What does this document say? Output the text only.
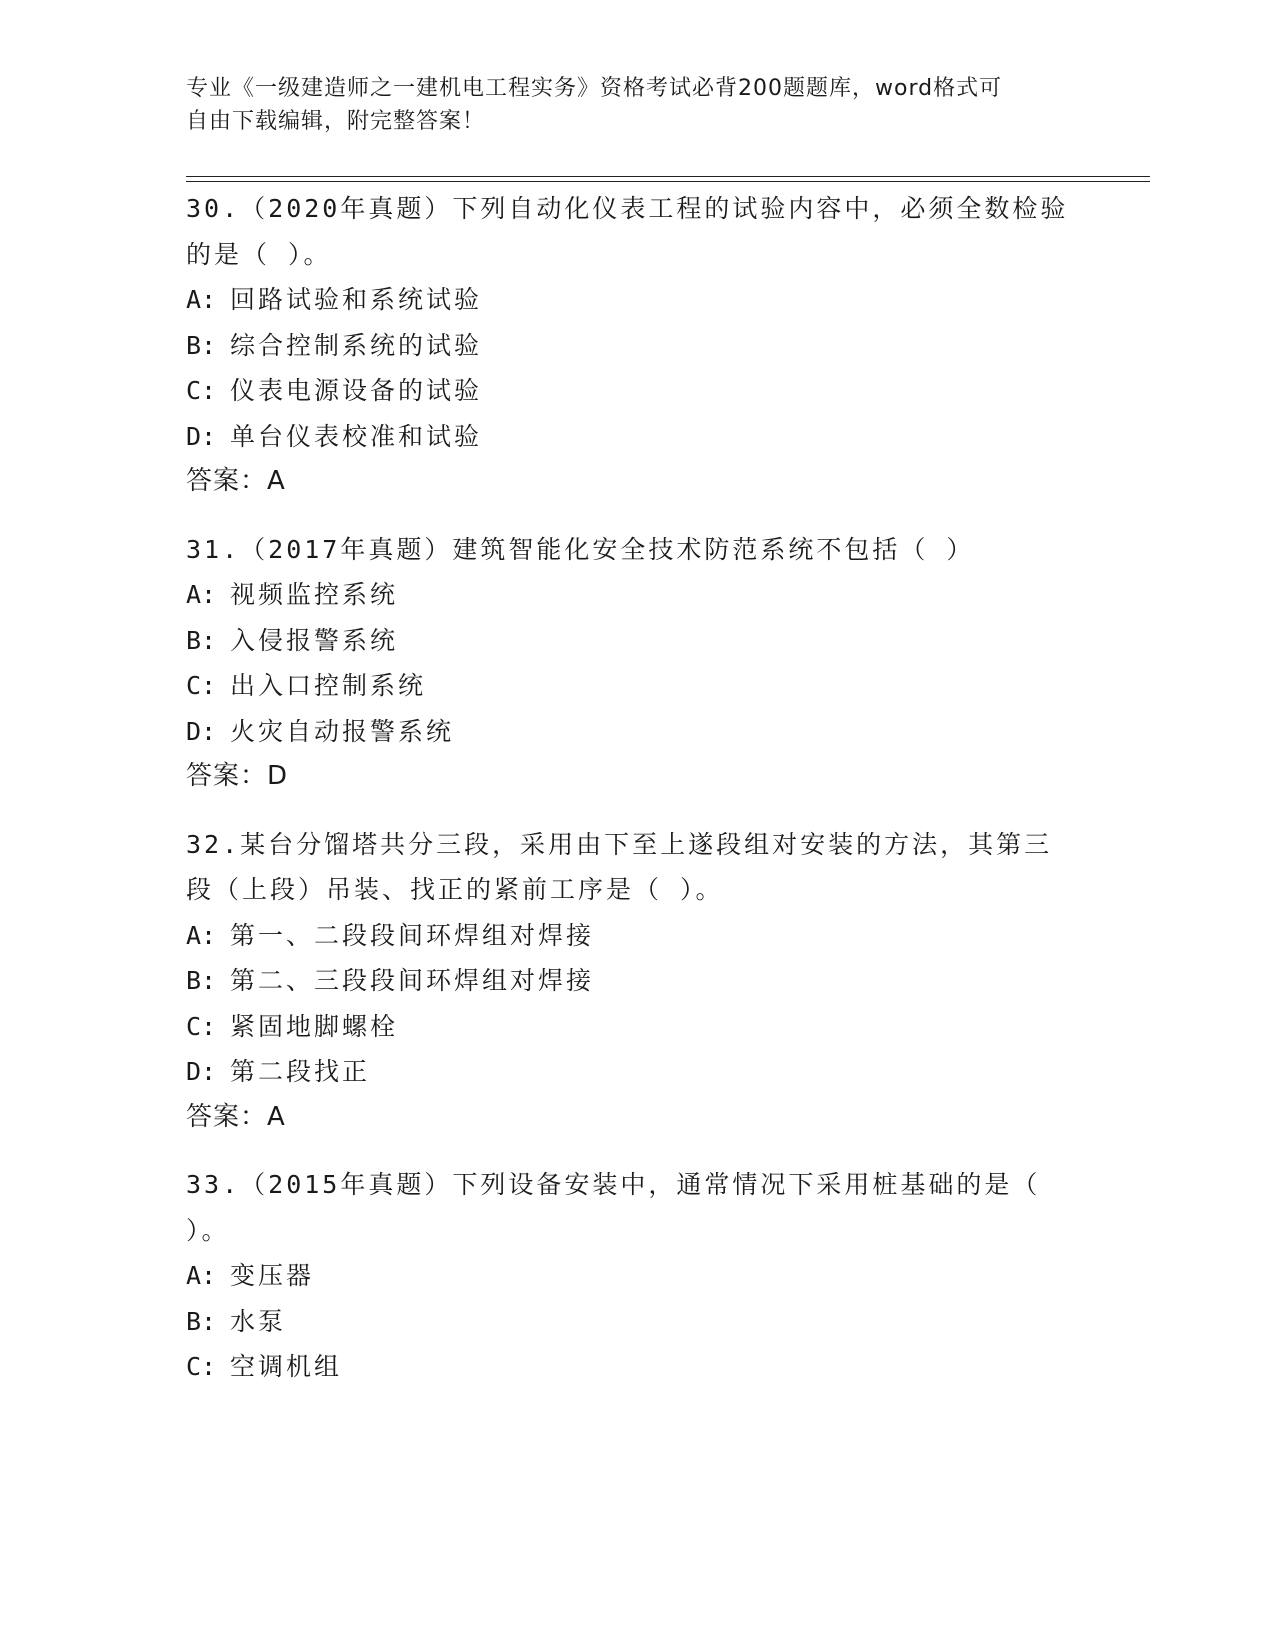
专业《一级建造师之一建机电工程实务》资格考试必背200题题库，word格式可
自由下载编辑，附完整答案！
30.（2020年真题）下列自动化仪表工程的试验内容中，必须全数检验
的是（ ）。
A: 回路试验和系统试验
B: 综合控制系统的试验
C: 仪表电源设备的试验
D: 单台仪表校准和试验
答案：A
31.（2017年真题）建筑智能化安全技术防范系统不包括（ ）
A: 视频监控系统
B: 入侵报警系统
C: 出入口控制系统
D: 火灾自动报警系统
答案：D
32.某台分馏塔共分三段，采用由下至上遂段组对安装的方法，其第三
段（上段）吊装、找正的紧前工序是（ ）。
A: 第一、二段段间环焊组对焊接
B: 第二、三段段间环焊组对焊接
C: 紧固地脚螺栓
D: 第二段找正
答案：A
33.（2015年真题）下列设备安装中，通常情况下采用桩基础的是（
）。
A: 变压器
B: 水泵
C: 空调机组
